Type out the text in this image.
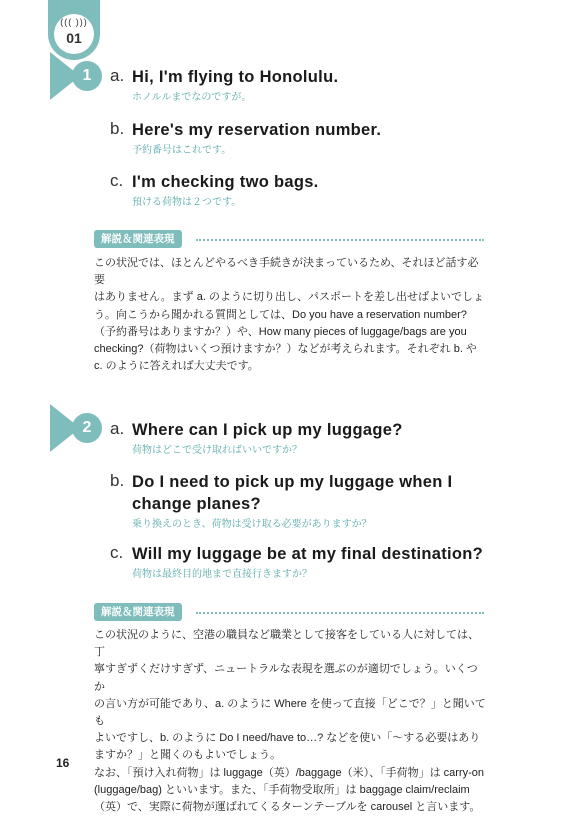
((( )))
01
1	a. Hi, I'm flying to Honolulu.
ホノルルまでなのですが。
b. Here's my reservation number.
予約番号はこれです。
c. I'm checking two bags.
預ける荷物は２つです。
解説＆関連表現

この状況では、ほとんどやるべき手続きが決まっているため、それほど話す必要

はありません。まず a. のように切り出し、パスポートを差し出せばよいでしょ

う。向こうから聞かれる質問としては、Do you have a reservation number?

（予約番号はありますか？）や、How many pieces of luggage/bags are you

checking?（荷物はいくつ預けますか？）などが考えられます。それぞれ b. や

c. のように答えれば大丈夫です。

2	a. Where can I pick up my luggage?
荷物はどこで受け取ればいいですか？
b. Do I need to pick up my luggage when I
change planes?
乗り換えのとき、荷物は受け取る必要がありますか？
c. Will my luggage be at my final destination?
荷物は最終目的地まで直接行きますか？
解説＆関連表現

この状況のように、空港の職員など職業として接客をしている人に対しては、丁

寧すぎずくだけすぎず、ニュートラルな表現を選ぶのが適切でしょう。いくつか

の言い方が可能であり、a. のように Where を使って直接「どこで？」と聞いても

よいですし、b. のように Do I need/have to…? などを使い「～する必要はあり

ますか？」と聞くのもよいでしょう。

なお、「預け入れ荷物」は luggage（英）/baggage（米）、「手荷物」は carry-on

(luggage/bag) といいます。また、「手荷物受取所」は baggage claim/reclaim

（英）で、実際に荷物が運ばれてくるターンテーブルを carousel と言います。

16
